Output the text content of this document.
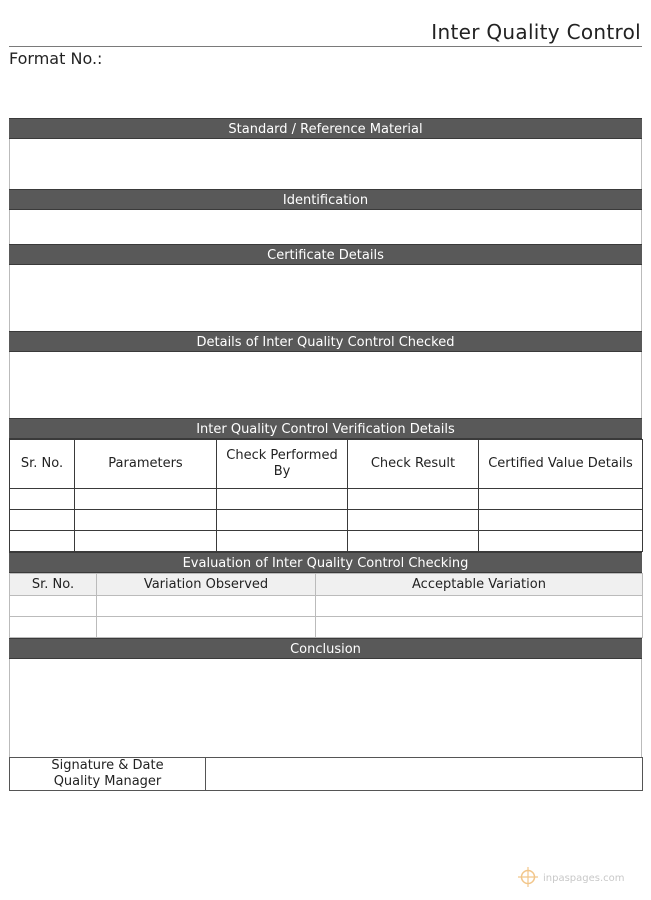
Inter Quality Control
Format No.:
Standard / Reference Material
Identification
Certificate Details
Details of Inter Quality Control Checked
Inter Quality Control Verification Details
Sr. No.	Parameters	Check Performed By	Check Result	Certified Value Details

Evaluation of Inter Quality Control Checking
Sr. No.	Variation Observed	Acceptable Variation

Conclusion
Signature & Date
Quality Manager	
inpaspages.com
